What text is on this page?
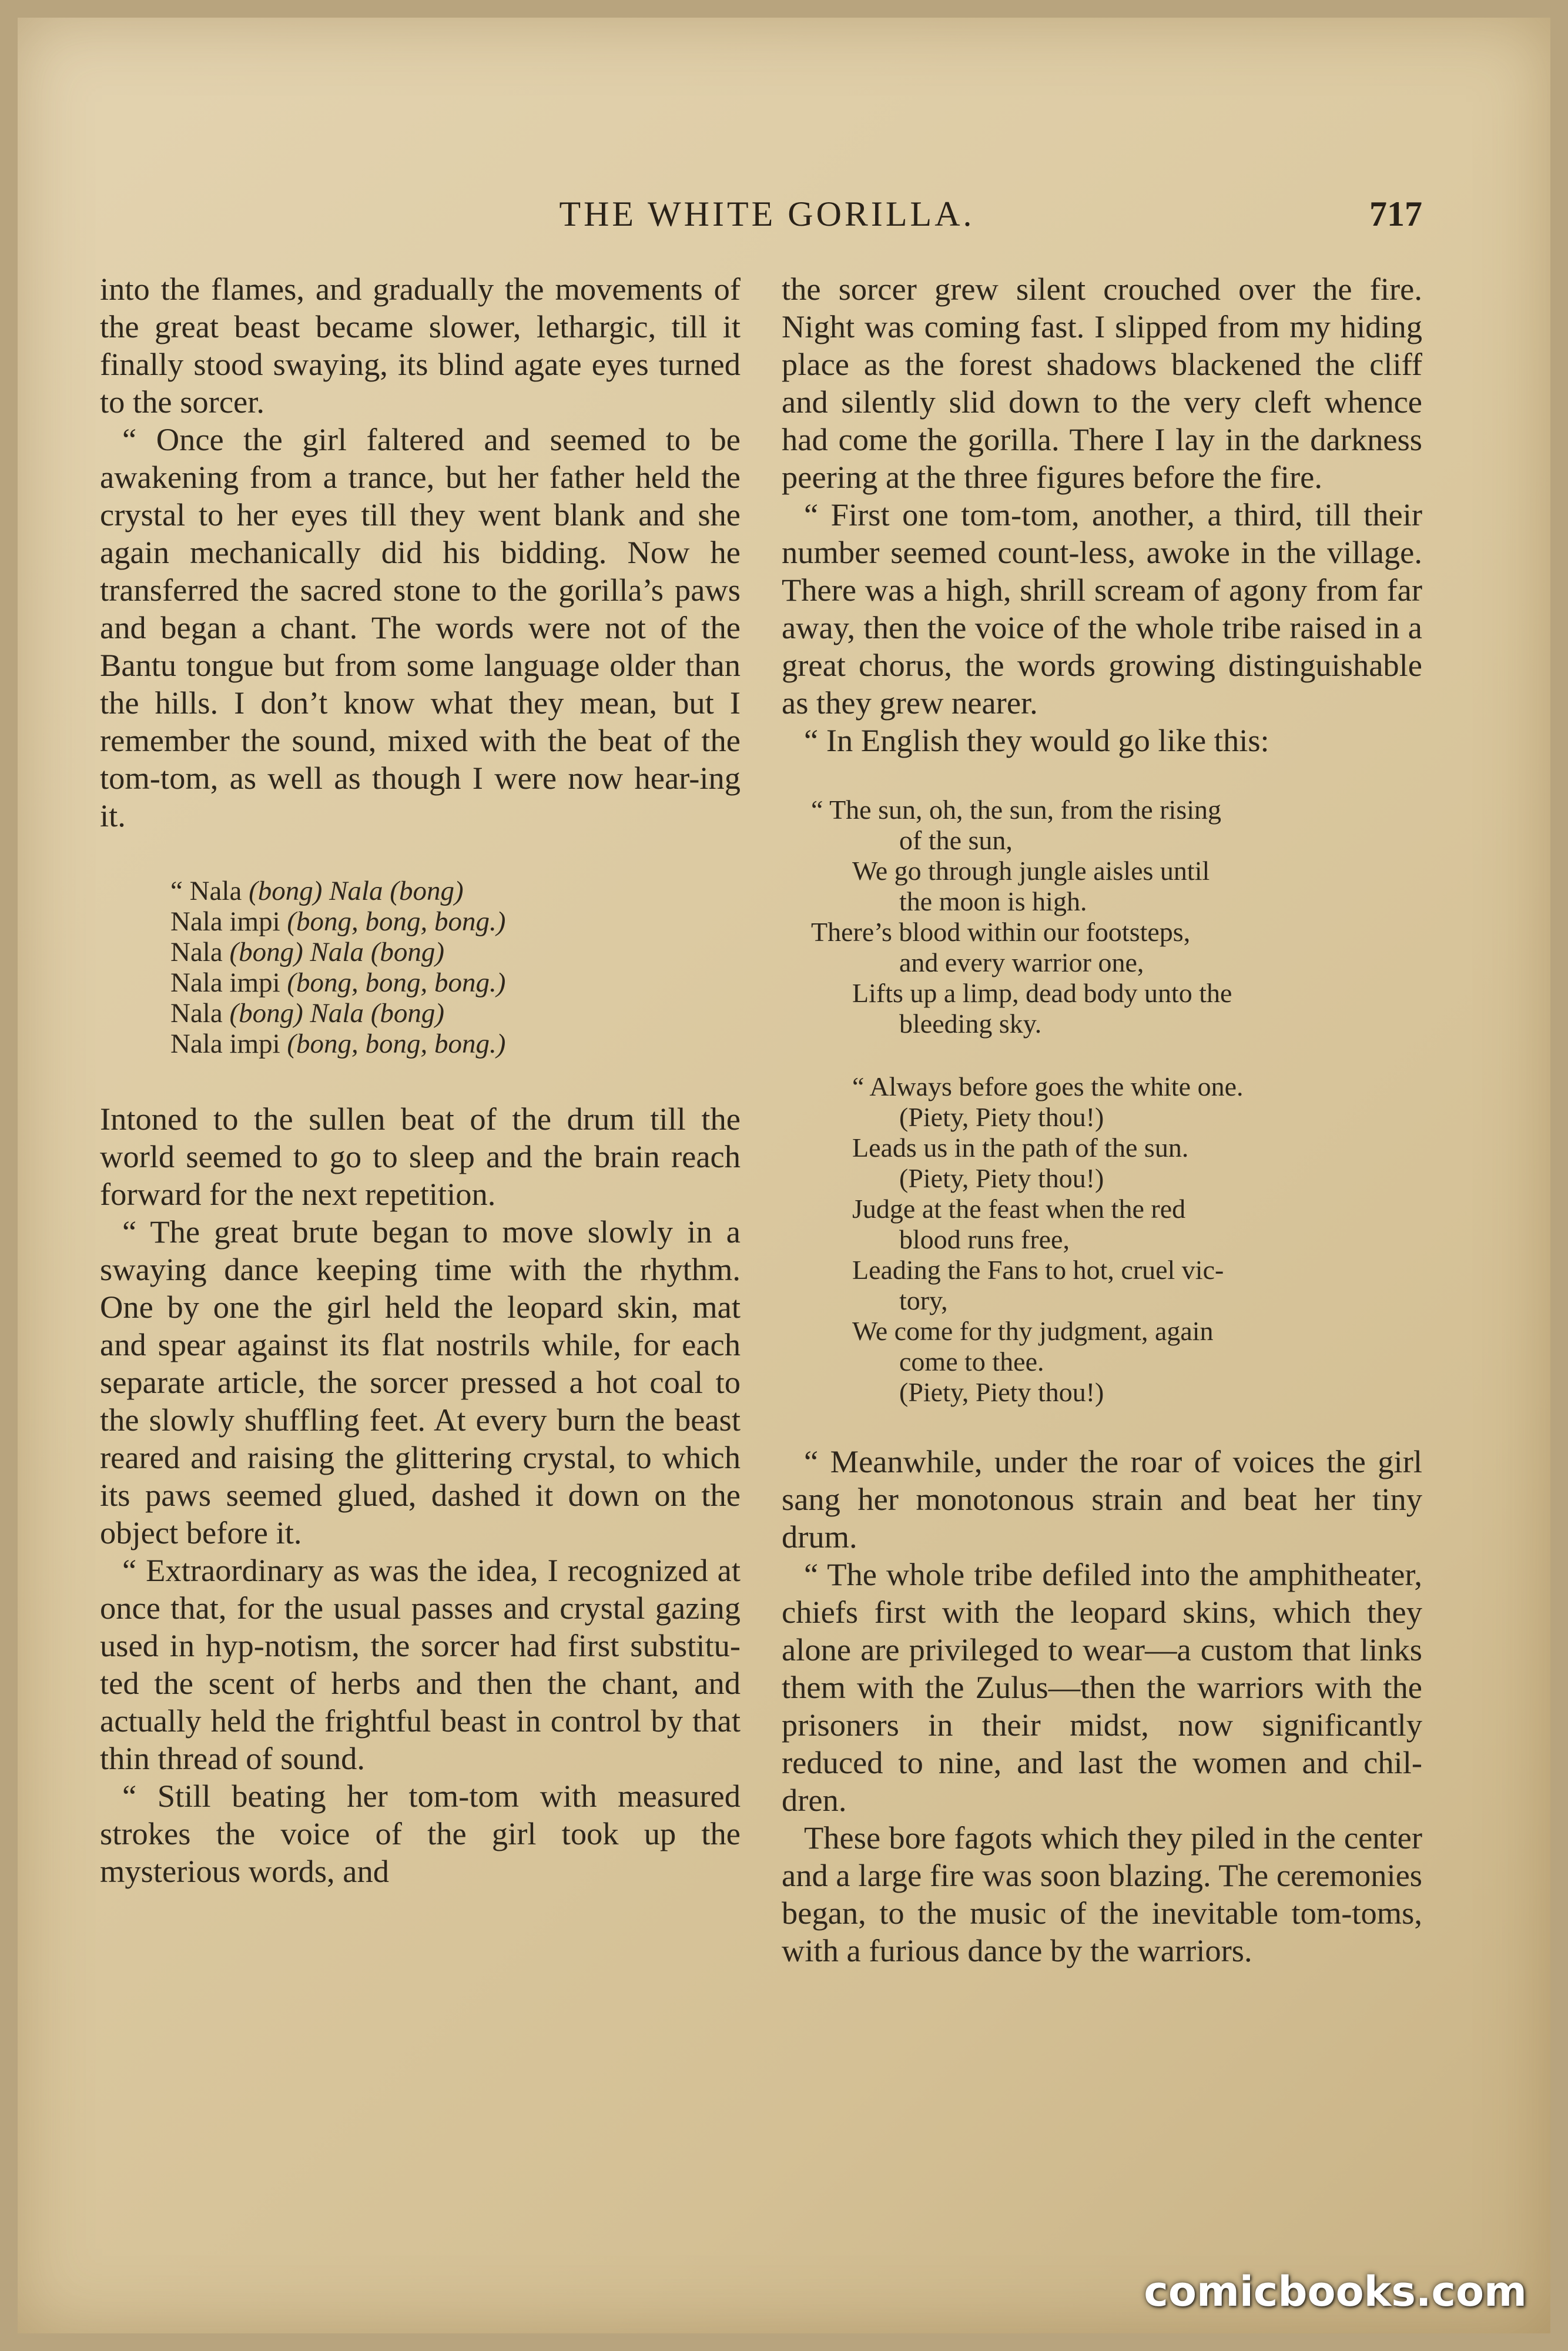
THE WHITE GORILLA.	717

into the flames, and gradually the movements of the great beast became slower, lethargic, till it finally stood swaying, its blind agate eyes turned to the sorcer.

“ Once the girl faltered and seemed to be awakening from a trance, but her father held the crystal to her eyes till they went blank and she again mechanically did his bidding. Now he transferred the sacred stone to the gorilla’s paws and began a chant. The words were not of the Bantu tongue but from some language older than the hills. I don’t know what they mean, but I remember the sound, mixed with the beat of the tom-tom, as well as though I were now hear-ing it.

“ Nala (bong) Nala (bong)
Nala impi (bong, bong, bong.)
Nala (bong) Nala (bong)
Nala impi (bong, bong, bong.)
Nala (bong) Nala (bong)
Nala impi (bong, bong, bong.)

Intoned to the sullen beat of the drum till the world seemed to go to sleep and the brain reach forward for the next repetition.

“ The great brute began to move slowly in a swaying dance keeping time with the rhythm. One by one the girl held the leopard skin, mat and spear against its flat nostrils while, for each separate article, the sorcer pressed a hot coal to the slowly shuffling feet. At every burn the beast reared and raising the glittering crystal, to which its paws seemed glued, dashed it down on the object before it.

“ Extraordinary as was the idea, I recognized at once that, for the usual passes and crystal gazing used in hyp-notism, the sorcer had first substitu-ted the scent of herbs and then the chant, and actually held the frightful beast in control by that thin thread of sound.

“ Still beating her tom-tom with measured strokes the voice of the girl took up the mysterious words, and

the sorcer grew silent crouched over the fire. Night was coming fast. I slipped from my hiding place as the forest shadows blackened the cliff and silently slid down to the very cleft whence had come the gorilla. There I lay in the darkness peering at the three figures before the fire.

“ First one tom-tom, another, a third, till their number seemed count-less, awoke in the village. There was a high, shrill scream of agony from far away, then the voice of the whole tribe raised in a great chorus, the words growing distinguishable as they grew nearer.

“ In English they would go like this:

“ The sun, oh, the sun, from the rising
of the sun,
We go through jungle aisles until
the moon is high.
There’s blood within our footsteps,
and every warrior one,
Lifts up a limp, dead body unto the
bleeding sky.
“ Always before goes the white one.
(Piety, Piety thou!)
Leads us in the path of the sun.
(Piety, Piety thou!)
Judge at the feast when the red
blood runs free,
Leading the Fans to hot, cruel vic-
tory,
We come for thy judgment, again
come to thee.
(Piety, Piety thou!)

“ Meanwhile, under the roar of voices the girl sang her monotonous strain and beat her tiny drum.

“ The whole tribe defiled into the amphitheater, chiefs first with the leopard skins, which they alone are privileged to wear—a custom that links them with the Zulus—then the warriors with the prisoners in their midst, now significantly reduced to nine, and last the women and chil-dren.

These bore fagots which they piled in the center and a large fire was soon blazing. The ceremonies began, to the music of the inevitable tom-toms, with a furious dance by the warriors.

comicbooks.com
